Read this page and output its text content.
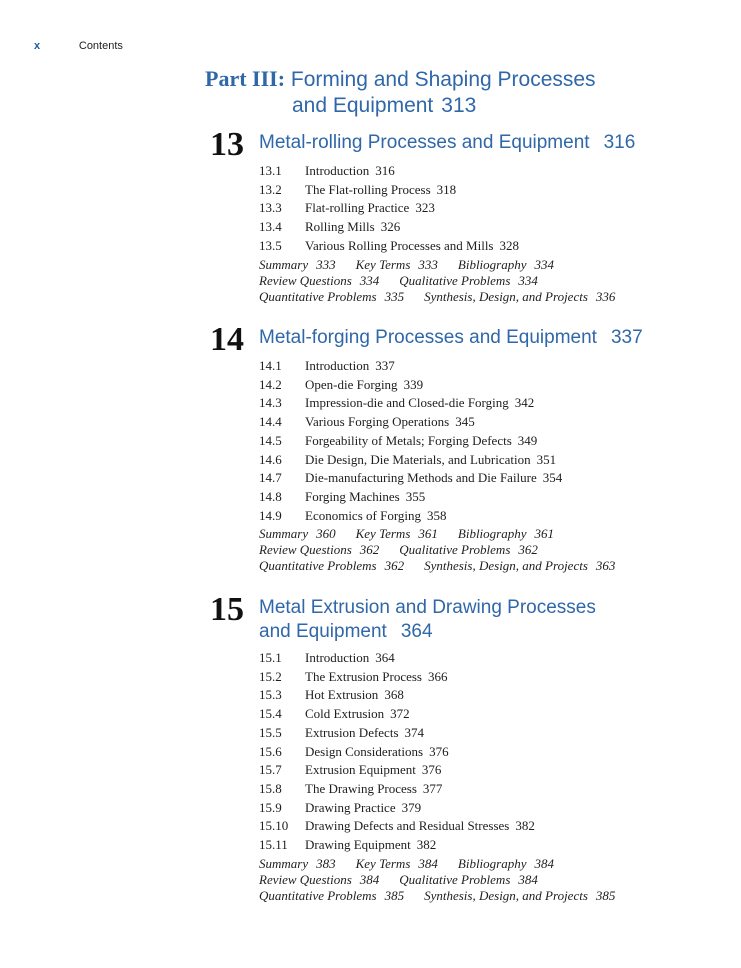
x	Contents
Part III: Forming and Shaping Processes
and Equipment 313
13 Metal-rolling Processes and Equipment 316
13.1 Introduction 316
13.2 The Flat-rolling Process 318
13.3 Flat-rolling Practice 323
13.4 Rolling Mills 326
13.5 Various Rolling Processes and Mills 328
Summary 333 Key Terms 333 Bibliography 334
Review Questions 334 Qualitative Problems 334
Quantitative Problems 335 Synthesis, Design, and Projects 336
14 Metal-forging Processes and Equipment 337
14.1 Introduction 337
14.2 Open-die Forging 339
14.3 Impression-die and Closed-die Forging 342
14.4 Various Forging Operations 345
14.5 Forgeability of Metals; Forging Defects 349
14.6 Die Design, Die Materials, and Lubrication 351
14.7 Die-manufacturing Methods and Die Failure 354
14.8 Forging Machines 355
14.9 Economics of Forging 358
Summary 360 Key Terms 361 Bibliography 361
Review Questions 362 Qualitative Problems 362
Quantitative Problems 362 Synthesis, Design, and Projects 363
15 Metal Extrusion and Drawing Processes
and Equipment 364
15.1 Introduction 364
15.2 The Extrusion Process 366
15.3 Hot Extrusion 368
15.4 Cold Extrusion 372
15.5 Extrusion Defects 374
15.6 Design Considerations 376
15.7 Extrusion Equipment 376
15.8 The Drawing Process 377
15.9 Drawing Practice 379
15.10 Drawing Defects and Residual Stresses 382
15.11 Drawing Equipment 382
Summary 383 Key Terms 384 Bibliography 384
Review Questions 384 Qualitative Problems 384
Quantitative Problems 385 Synthesis, Design, and Projects 385
